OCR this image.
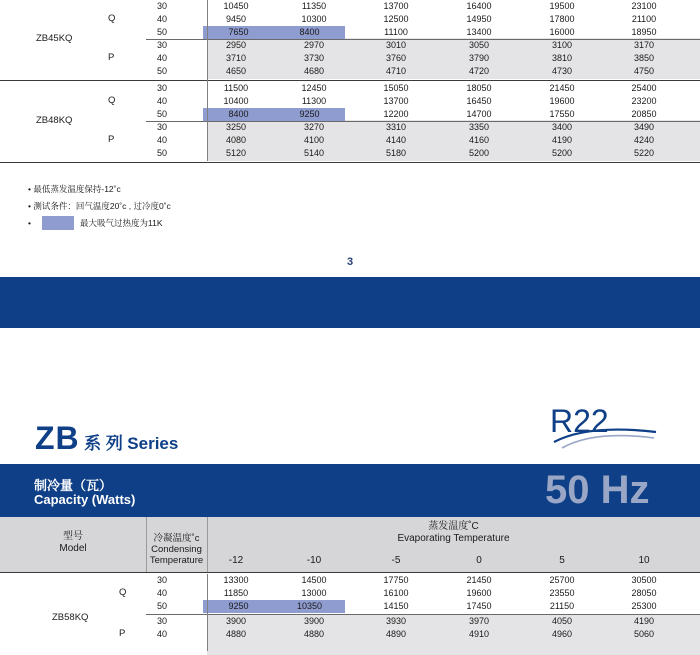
ZB45KQ
Q
30	10450	11350	13700	16400	19500	23100
40	9450	10300	12500	14950	17800	21100
50	7650	8400	11100	13400	16000	18950
P
30	2950	2970	3010	3050	3100	3170
40	3710	3730	3760	3790	3810	3850
50	4650	4680	4710	4720	4730	4750
ZB48KQ
Q
30	11500	12450	15050	18050	21450	25400
40	10400	11300	13700	16450	19600	23200
50	8400	9250	12200	14700	17550	20850
P
30	3250	3270	3310	3350	3400	3490
40	4080	4100	4140	4160	4190	4240
50	5120	5140	5180	5200	5200	5220
• 最低蒸发温度保持-12˚c
• 测试条件：回气温度20˚c , 过冷度0˚c
•	最大吸气过热度为11K
3
ZB 系 列 Series
R22
制冷量（瓦）
Capacity (Watts)	50 Hz
型号
Model
冷凝温度˚c
Condensing
Temperature
蒸发温度˚C
Evaporating Temperature
-12	-10	-5	0	5	10
ZB58KQ
Q
30	13300	14500	17750	21450	25700	30500
40	11850	13000	16100	19600	23550	28050
50	9250	10350	14150	17450	21150	25300
P
30	3900	3900	3930	3970	4050	4190
40	4880	4880	4890	4910	4960	5060
